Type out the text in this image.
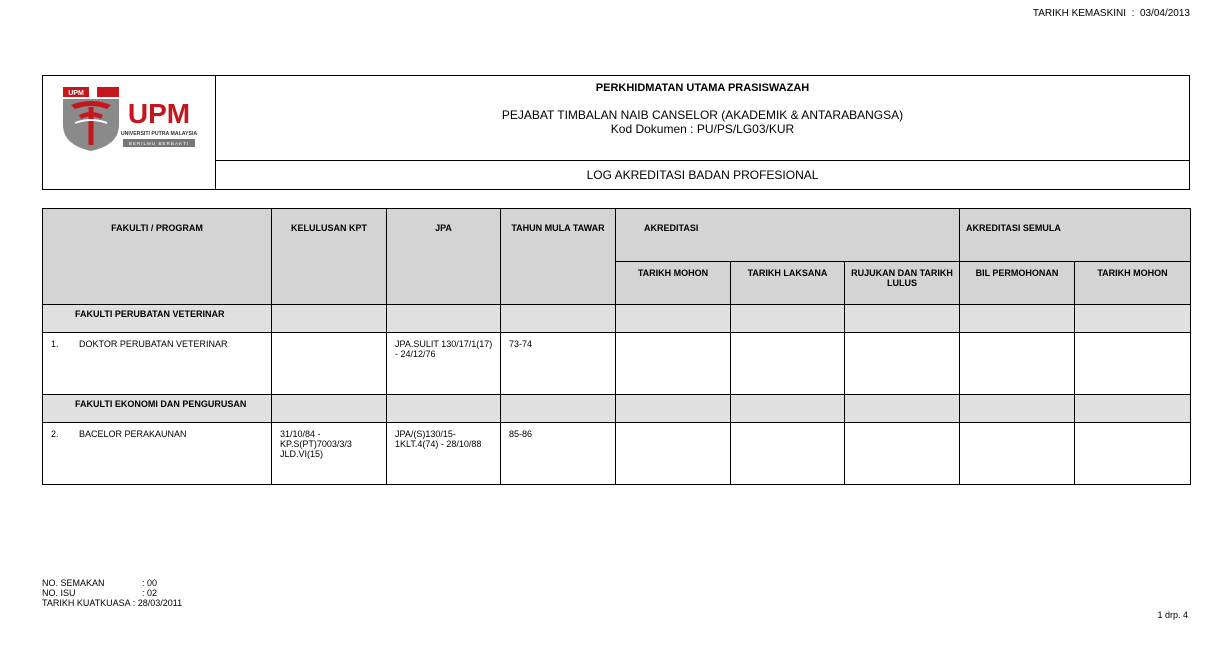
TARIKH KEMASKINI  :  03/04/2013
UPM
UPM
UNIVERSITI PUTRA MALAYSIA
BERILMU BERBAKTI
PERKHIDMATAN UTAMA PRASISWAZAH
PEJABAT TIMBALAN NAIB CANSELOR (AKADEMIK & ANTARABANGSA)
Kod Dokumen : PU/PS/LG03/KUR
LOG AKREDITASI BADAN PROFESIONAL
FAKULTI / PROGRAM	KELULUSAN KPT	JPA	TAHUN MULA TAWAR	AKREDITASI			AKREDITASI SEMULA	
				TARIKH MOHON	TARIKH LAKSANA	RUJUKAN DAN TARIKH LULUS	BIL PERMOHONAN	TARIKH MOHON

FAKULTI PERUBATAN VETERINAR								

1. DOKTOR PERUBATAN VETERINAR		JPA.SULIT 130/17/1(17) - 24/12/76	73-74					

FAKULTI EKONOMI DAN PENGURUSAN								

2. BACELOR PERAKAUNAN	31/10/84 - KP.S(PT)7003/3/3 JLD.VI(15)	JPA/(S)130/15-1KLT.4(74) - 28/10/88	85-86					
NO. SEMAKAN	: 00
NO. ISU	: 02
TARIKH KUATKUASA : 28/03/2011
1 drp. 4
